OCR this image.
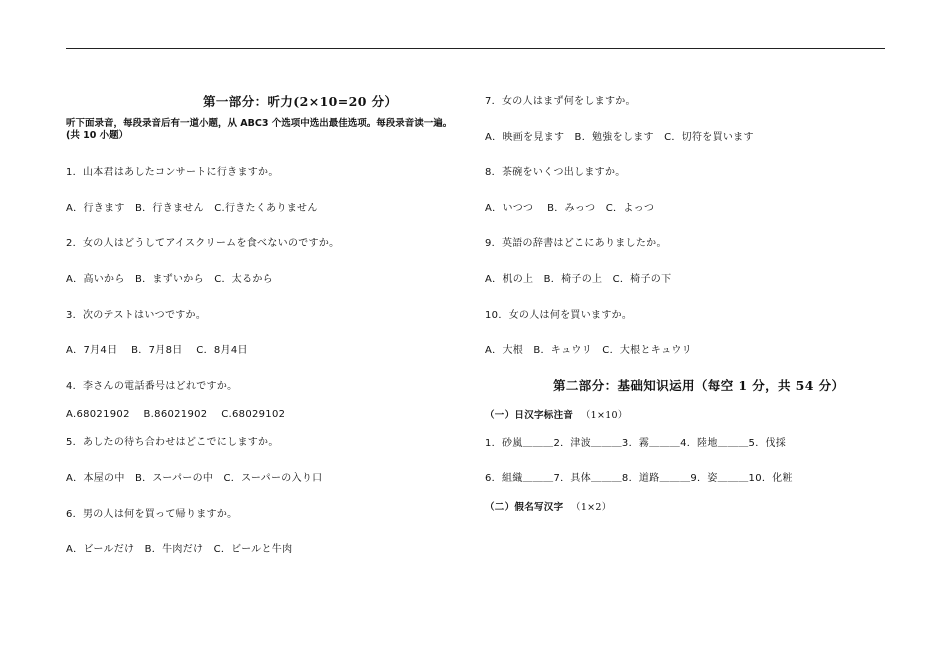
第一部分：听力(2×10=20 分）
听下面录音，每段录音后有一道小题，从 ABC3 个选项中选出最佳选项。每段录音读一遍。
(共 10 小题）
1．山本君はあしたコンサートに行きますか。
A．行きます　B．行きません　C.行きたくありません
2．女の人はどうしてアイスクリームを食べないのですか。
A．高いから　B．まずいから　C．太るから
3．次のテストはいつですか。
A．7月4日　 B．7月8日　 C．8月4日
4．李さんの電話番号はどれですか。
A.68021902　 B.86021902　 C.68029102
5．あしたの待ち合わせはどこでにしますか。
A．本屋の中　B．スーパーの中　C．スーパーの入り口
6．男の人は何を買って帰りますか。
A．ビールだけ　B．牛肉だけ　C．ビールと牛肉
7．女の人はまず何をしますか。
A．映画を見ます　B．勉強をします　C．切符を買います
8．茶碗をいくつ出しますか。
A．いつつ　 B．みっつ　C．よっつ
9．英語の辞書はどこにありましたか。
A．机の上　B．椅子の上　C．椅子の下
10．女の人は何を買いますか。
A．大根　B．キュウリ　C．大根とキュウリ
第二部分：基础知识运用（每空 1 分，共 54 分）
（一）日汉字标注音 （1×10）
1．砂嵐＿＿＿2．津波＿＿＿3．霧＿＿＿4．陸地＿＿＿5．伐採
6．組織＿＿＿7．具体＿＿＿8．道路＿＿＿9．姿＿＿＿10．化粧
（二）假名写汉字 （1×2）
